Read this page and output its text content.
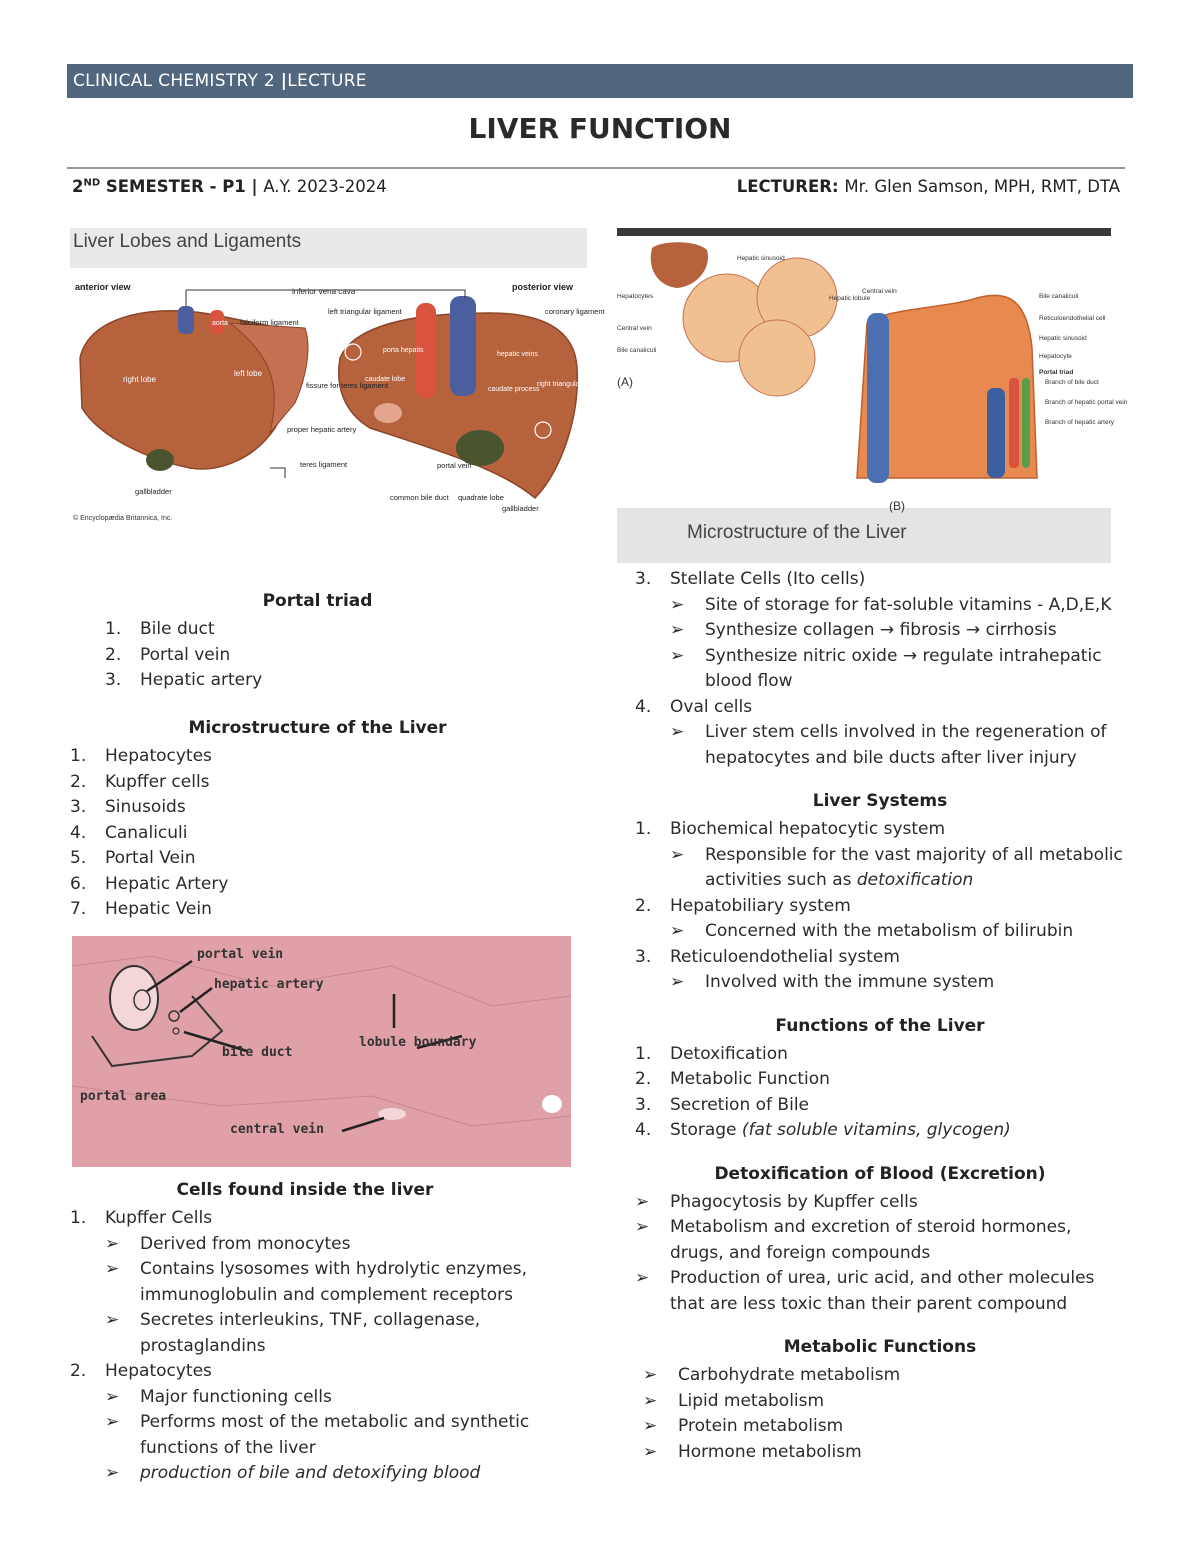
CLINICAL CHEMISTRY 2 |LECTURE
LIVER FUNCTION
2ND SEMESTER - P1 | A.Y. 2023-2024	LECTURER: Mr. Glen Samson, MPH, RMT, DTA
Liver Lobes and Ligaments
anterior view	posterior view
inferior vena cava
aorta falciform ligament
left triangular ligament	coronary ligament
porta hepatis
hepatic veins
caudate lobe
caudate process
right triangular ligament
right lobe
left lobe
fissure for teres ligament
proper hepatic artery
teres ligament	portal vein
common bile duct quadrate lobe
gallbladder
gallbladder
© Encyclopædia Britannica, Inc.
Hepatic sinusoid
Hepatocytes
Central vein
Bile canaliculi
Hepatic lobule
Central vein
Bile canaliculi
Reticuloendothelial cell
Hepatic sinusoid
Hepatocyte
Portal triad
Branch of bile duct
Branch of hepatic portal vein
Branch of hepatic artery
(A)
(B)
Microstructure of the Liver
portal vein
hepatic artery
bile duct
lobule boundary
portal area
central vein
Portal triad
1. Bile duct
2. Portal vein
3. Hepatic artery
Microstructure of the Liver
1. Hepatocytes
2. Kupffer cells
3. Sinusoids
4. Canaliculi
5. Portal Vein
6. Hepatic Artery
7. Hepatic Vein
Cells found inside the liver
1. Kupffer Cells
➢ Derived from monocytes
➢ Contains lysosomes with hydrolytic enzymes, immunoglobulin and complement receptors
➢ Secretes interleukins, TNF, collagenase, prostaglandins
2. Hepatocytes
➢ Major functioning cells
➢ Performs most of the metabolic and synthetic functions of the liver
➢ production of bile and detoxifying blood
3. Stellate Cells (Ito cells)
➢ Site of storage for fat-soluble vitamins - A,D,E,K
➢ Synthesize collagen → fibrosis → cirrhosis
➢ Synthesize nitric oxide → regulate intrahepatic blood flow
4. Oval cells
➢ Liver stem cells involved in the regeneration of hepatocytes and bile ducts after liver injury
Liver Systems
1. Biochemical hepatocytic system
➢ Responsible for the vast majority of all metabolic activities such as detoxification
2. Hepatobiliary system
➢ Concerned with the metabolism of bilirubin
3. Reticuloendothelial system
➢ Involved with the immune system
Functions of the Liver
1. Detoxification
2. Metabolic Function
3. Secretion of Bile
4. Storage (fat soluble vitamins, glycogen)
Detoxification of Blood (Excretion)
➢ Phagocytosis by Kupffer cells
➢ Metabolism and excretion of steroid hormones, drugs, and foreign compounds
➢ Production of urea, uric acid, and other molecules that are less toxic than their parent compound
Metabolic Functions
➢ Carbohydrate metabolism
➢ Lipid metabolism
➢ Protein metabolism
➢ Hormone metabolism
